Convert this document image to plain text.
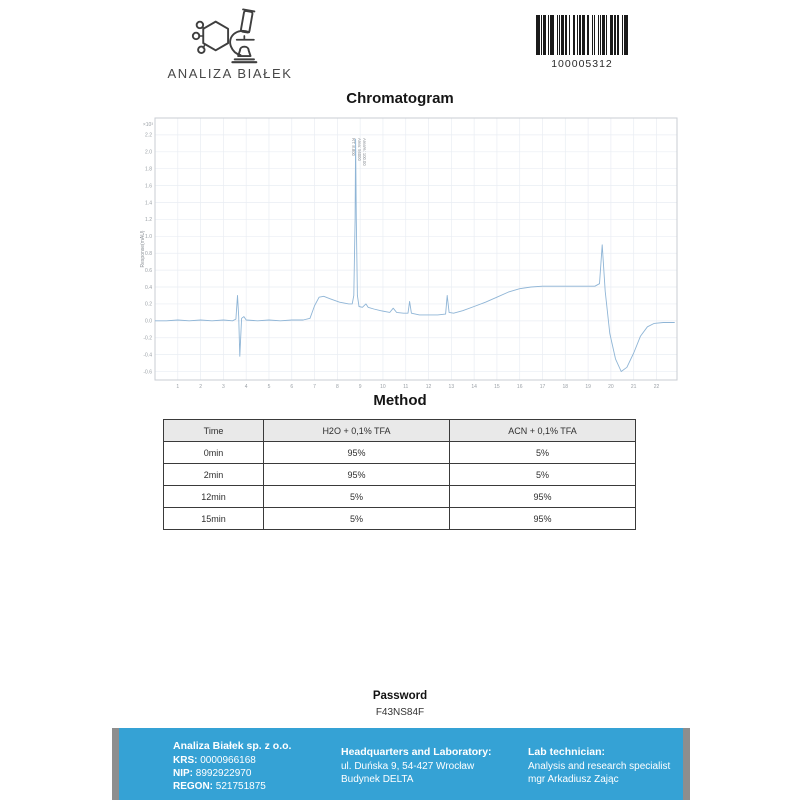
ANALIZA BIAŁEK
100005312
Chromatogram
1	2	3	4	5	6	7	8	9	10	11	12	13	14	15	16	17	18	19	20	21	22
2.2
2.0
1.8
1.6
1.4
1.2
1.0
0.8
0.6
0.4
0.2
0.0
-0.2
-0.4
-0.6
×10³
Response(mAU)
RT: 8.800 Area: 56000 Area%: 100.00
Method
Time	H2O + 0,1% TFA	ACN + 0,1% TFA
0min	95%	5%
2min	95%	5%
12min	5%	95%
15min	5%	95%
Password
F43NS84F
Analiza Białek sp. z o.o.
KRS: 0000966168
NIP: 8992922970
REGON: 521751875
Headquarters and Laboratory:
ul. Duńska 9, 54-427 Wrocław
Budynek DELTA
Lab technician:
Analysis and research specialist
mgr Arkadiusz Zając
